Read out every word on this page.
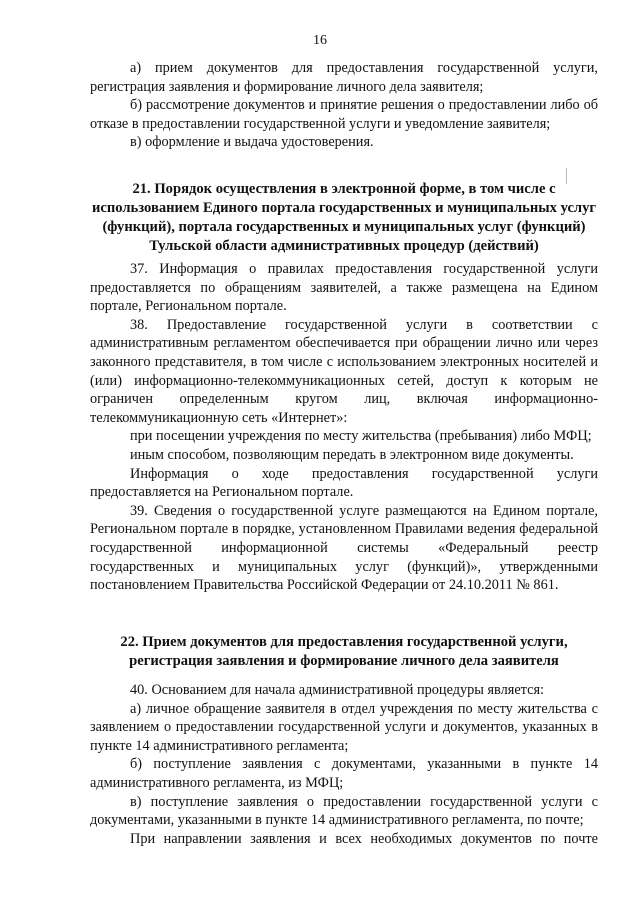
16

а) прием документов для предоставления государственной услуги, регистрация заявления и формирование личного дела заявителя;

б) рассмотрение документов и принятие решения о предоставлении либо об отказе в предоставлении государственной услуги и уведомление заявителя;

в) оформление и выдача удостоверения.

21. Порядок осуществления в электронной форме, в том числе с использованием Единого портала государственных и муниципальных услуг (функций), портала государственных и муниципальных услуг (функций) Тульской области административных процедур (действий)

37. Информация о правилах предоставления государственной услуги предоставляется по обращениям заявителей, а также размещена на Едином портале, Региональном портале.

38. Предоставление государственной услуги в соответствии с административным регламентом обеспечивается при обращении лично или через законного представителя, в том числе с использованием электронных носителей и (или) информационно-телекоммуникационных сетей, доступ к которым не ограничен определенным кругом лиц, включая информационно-телекоммуникационную сеть «Интернет»:

при посещении учреждения по месту жительства (пребывания) либо МФЦ;

иным способом, позволяющим передать в электронном виде документы.

Информация о ходе предоставления государственной услуги предоставляется на Региональном портале.

39. Сведения о государственной услуге размещаются на Едином портале, Региональном портале в порядке, установленном Правилами ведения федеральной государственной информационной системы «Федеральный реестр государственных и муниципальных услуг (функций)», утвержденными постановлением Правительства Российской Федерации от 24.10.2011 № 861.

22. Прием документов для предоставления государственной услуги, регистрация заявления и формирование личного дела заявителя

40. Основанием для начала административной процедуры является:

а) личное обращение заявителя в отдел учреждения по месту жительства с заявлением о предоставлении государственной услуги и документов, указанных в пункте 14 административного регламента;

б) поступление заявления с документами, указанными в пункте 14 административного регламента, из МФЦ;

в) поступление заявления о предоставлении государственной услуги с документами, указанными в пункте 14 административного регламента, по почте;

При направлении заявления и всех необходимых документов по почте
